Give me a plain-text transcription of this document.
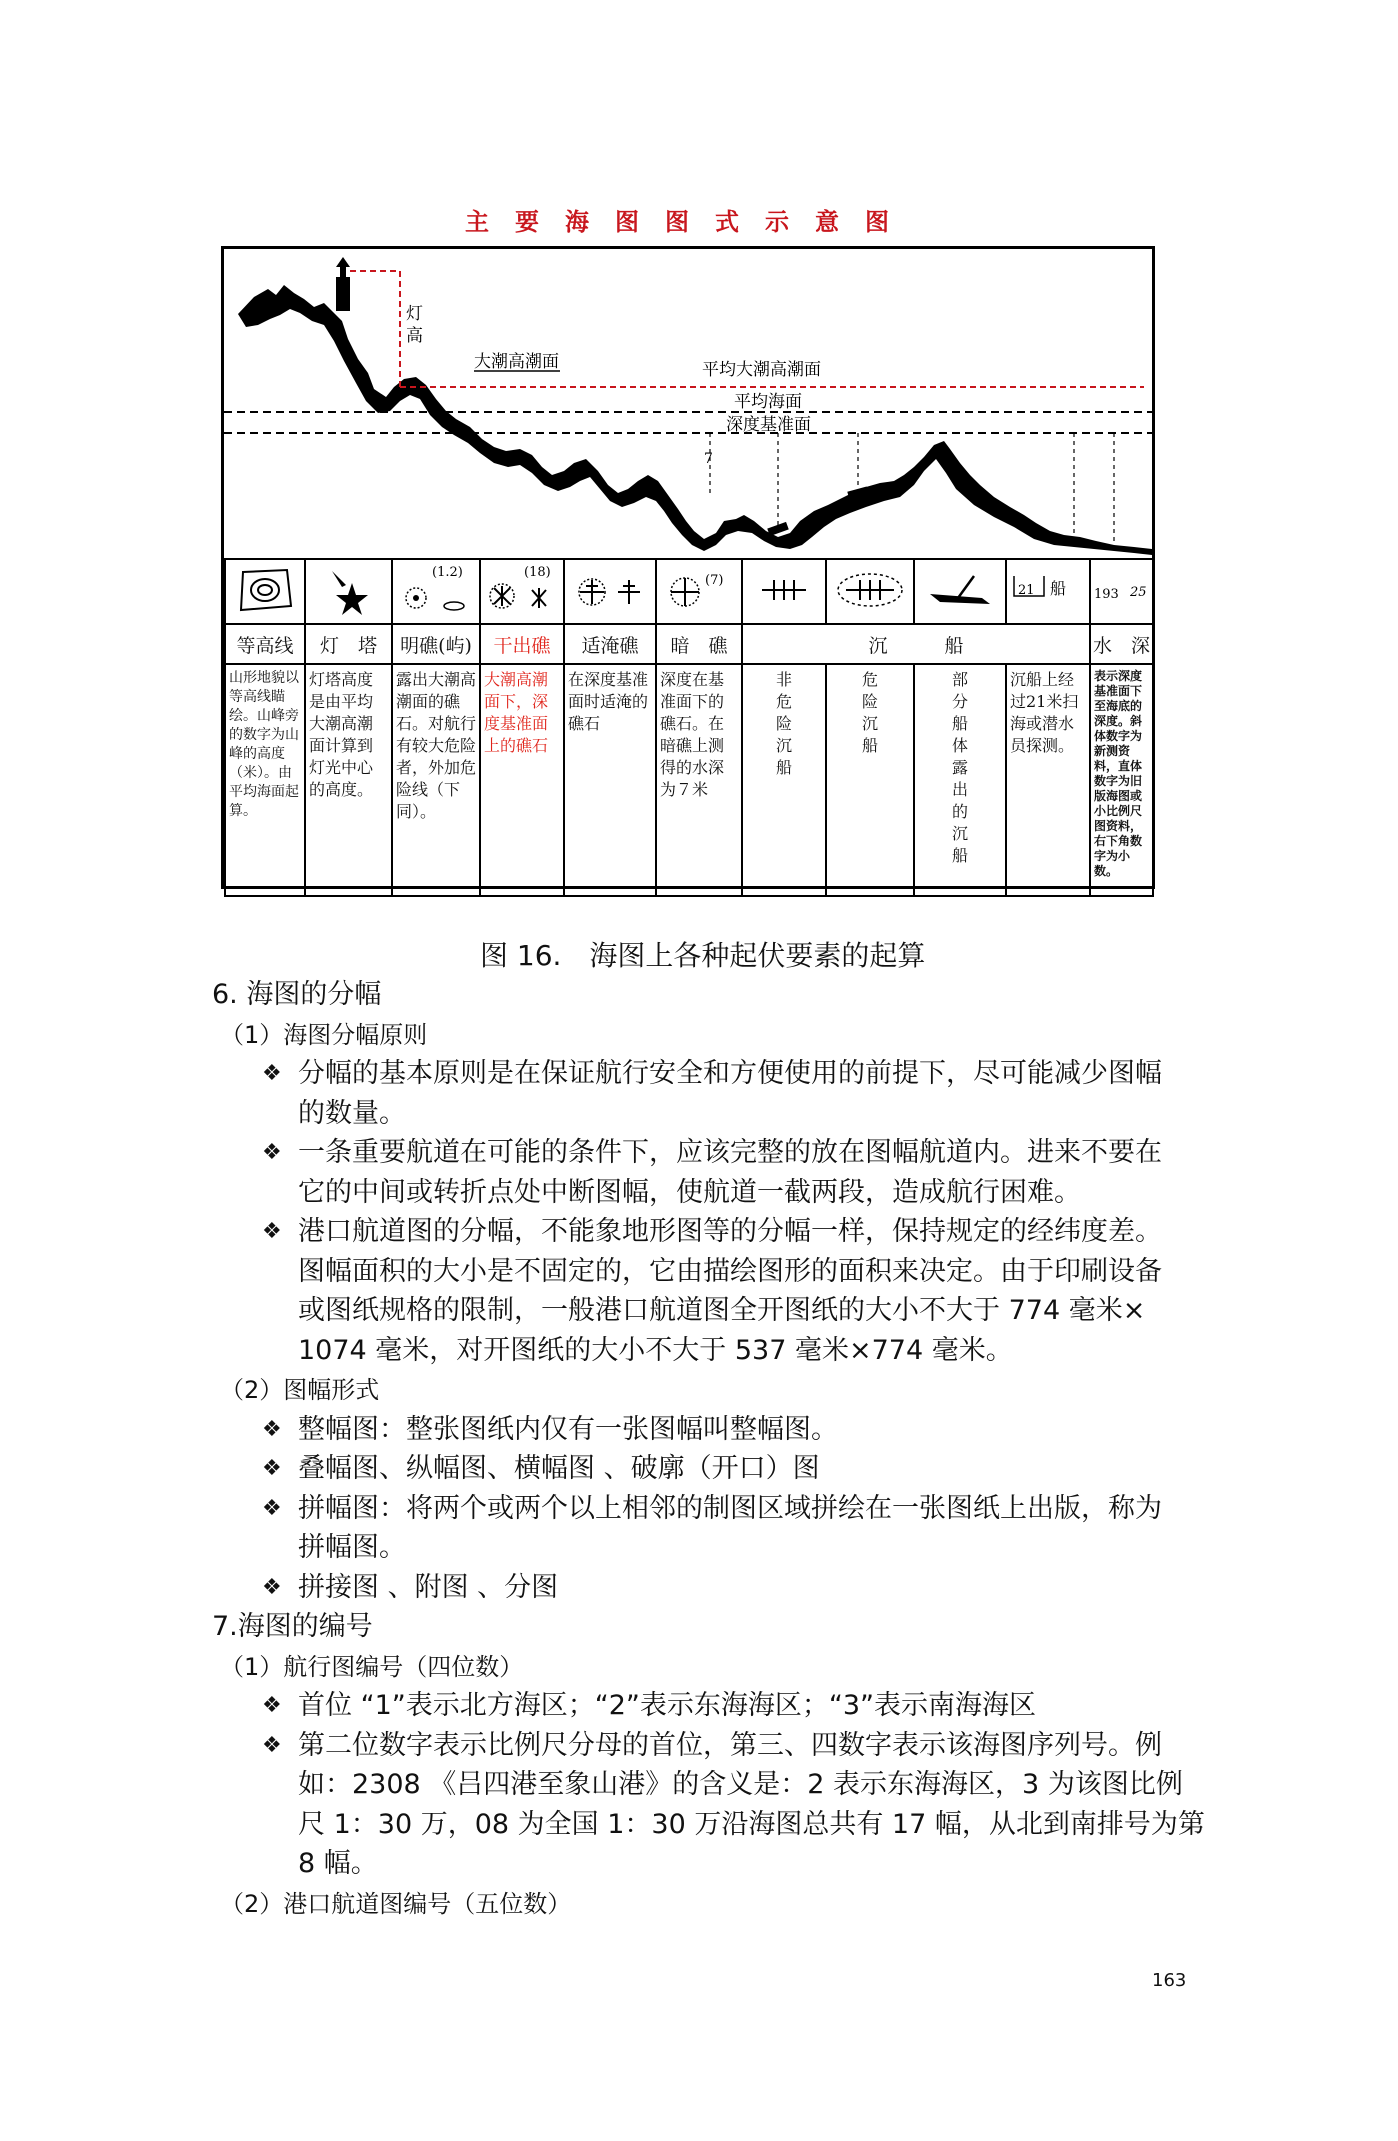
主要海图图式示意图
灯
高
大潮高潮面	平均大潮高潮面
平均海面
深度基准面
7

(1.2)	(18)		(7)				21 船	193 25

等高线	灯　塔	明礁(屿)	干出礁	适淹礁	暗　礁	沉　　　船				水　深
山形地貌以等高线瞄绘。山峰旁的数字为山峰的高度（米）。由平均海面起算。	灯塔高度是由平均大潮高潮面计算到灯光中心的高度。	露出大潮高潮面的礁石。对航行有较大危险者，外加危险线（下同）。	大潮高潮面下，深度基准面上的礁石	在深度基准面时适淹的礁石	深度在基准面下的礁石。在暗礁上测得的水深为７米	非危险沉船	危险沉船	部分船体露出的沉船	沉船上经过21米扫海或潜水员探测。	表示深度基准面下至海底的深度。斜体数字为新测资料，直体数字为旧版海图或小比例尺图资料，右下角数字为小数。
图 16.　海图上各种起伏要素的起算
6. 海图的分幅
（1）海图分幅原则
❖ 分幅的基本原则是在保证航行安全和方便使用的前提下，尽可能减少图幅
的数量。
❖ 一条重要航道在可能的条件下，应该完整的放在图幅航道内。进来不要在
它的中间或转折点处中断图幅，使航道一截两段，造成航行困难。
❖ 港口航道图的分幅，不能象地形图等的分幅一样，保持规定的经纬度差。
图幅面积的大小是不固定的，它由描绘图形的面积来决定。由于印刷设备
或图纸规格的限制，一般港口航道图全开图纸的大小不大于 774 毫米×
1074 毫米，对开图纸的大小不大于 537 毫米×774 毫米。
（2）图幅形式
❖ 整幅图：整张图纸内仅有一张图幅叫整幅图。
❖ 叠幅图、纵幅图、横幅图 、破廓（开口）图
❖ 拼幅图：将两个或两个以上相邻的制图区域拼绘在一张图纸上出版，称为
拼幅图。
❖ 拼接图 、附图 、分图
7.海图的编号
（1）航行图编号（四位数）
❖ 首位 “1”表示北方海区；“2”表示东海海区；“3”表示南海海区
❖ 第二位数字表示比例尺分母的首位，第三、四数字表示该海图序列号。例
如：2308 《吕四港至象山港》的含义是：2 表示东海海区，3 为该图比例
尺 1：30 万，08 为全国 1：30 万沿海图总共有 17 幅，从北到南排号为第
8 幅。
（2）港口航道图编号（五位数）
163
